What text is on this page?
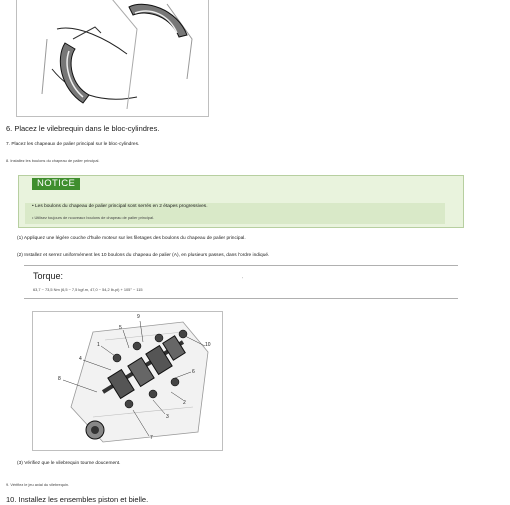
6. Placez le vilebrequin dans le bloc-cylindres.
7. Placez les chapeaux de palier principal sur le bloc-cylindres.
8. Installez les boulons du chapeau de palier principal.
NOTICE
• Les boulons du chapeau de palier principal sont serrés en 2 étapes progressives.
• Utilisez toujours de nouveaux boulons de chapeau de palier principal.
(1) Appliquez une légère couche d'huile moteur sur les filetages des boulons du chapeau de palier principal.
(2) Installez et serrez uniformément les 10 boulons du chapeau de palier (A), en plusieurs passes, dans l'ordre indiqué.
Torque:
63,7 ~ 73,5 Nm (6,5 ~ 7,5 kgf.m, 47,0 ~ 54,2 lb-pi) + 105° ~ 115
˙
9
5
1	10
4
6
8
2
3
7
(3) Vérifiez que le vilebrequin tourne doucement.
9. Vérifiez le jeu axial du vilebrequin.
10. Installez les ensembles piston et bielle.
